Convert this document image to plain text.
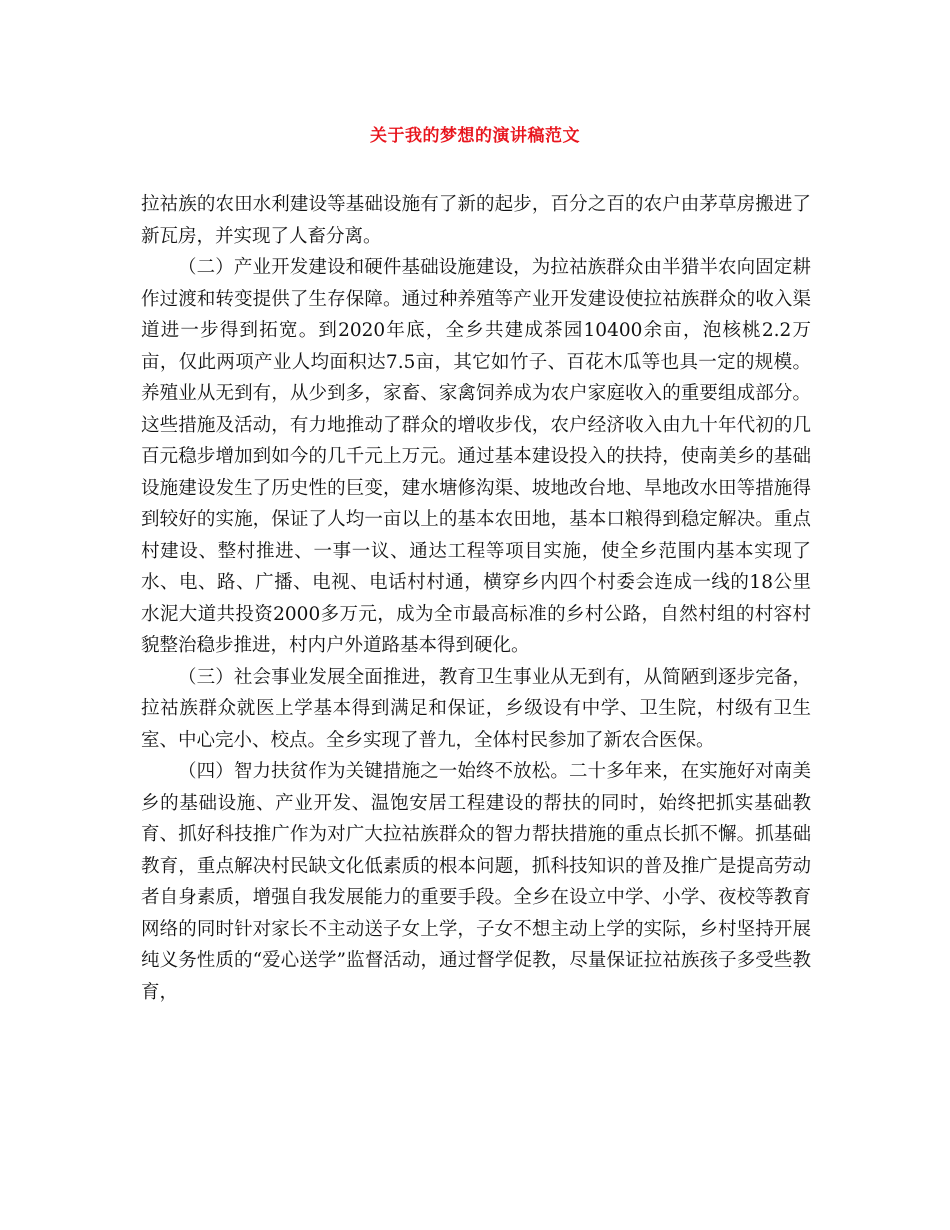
关于我的梦想的演讲稿范文

拉祜族的农田水利建设等基础设施有了新的起步，百分之百的农户由茅草房搬进了新瓦房，并实现了人畜分离。

（二）产业开发建设和硬件基础设施建设，为拉祜族群众由半猎半农向固定耕作过渡和转变提供了生存保障。通过种养殖等产业开发建设使拉祜族群众的收入渠道进一步得到拓宽。到2020年底，全乡共建成茶园10400余亩，泡核桃2.2万亩，仅此两项产业人均面积达7.5亩，其它如竹子、百花木瓜等也具一定的规模。养殖业从无到有，从少到多，家畜、家禽饲养成为农户家庭收入的重要组成部分。这些措施及活动，有力地推动了群众的增收步伐，农户经济收入由九十年代初的几百元稳步增加到如今的几千元上万元。通过基本建设投入的扶持，使南美乡的基础设施建设发生了历史性的巨变，建水塘修沟渠、坡地改台地、旱地改水田等措施得到较好的实施，保证了人均一亩以上的基本农田地，基本口粮得到稳定解决。重点村建设、整村推进、一事一议、通达工程等项目实施，使全乡范围内基本实现了水、电、路、广播、电视、电话村村通，横穿乡内四个村委会连成一线的18公里水泥大道共投资2000多万元，成为全市最高标准的乡村公路，自然村组的村容村貌整治稳步推进，村内户外道路基本得到硬化。

（三）社会事业发展全面推进，教育卫生事业从无到有，从简陋到逐步完备，拉祜族群众就医上学基本得到满足和保证，乡级设有中学、卫生院，村级有卫生室、中心完小、校点。全乡实现了普九，全体村民参加了新农合医保。

（四）智力扶贫作为关键措施之一始终不放松。二十多年来，在实施好对南美乡的基础设施、产业开发、温饱安居工程建设的帮扶的同时，始终把抓实基础教育、抓好科技推广作为对广大拉祜族群众的智力帮扶措施的重点长抓不懈。抓基础教育，重点解决村民缺文化低素质的根本问题，抓科技知识的普及推广是提高劳动者自身素质，增强自我发展能力的重要手段。全乡在设立中学、小学、夜校等教育网络的同时针对家长不主动送子女上学，子女不想主动上学的实际，乡村坚持开展纯义务性质的“爱心送学”监督活动，通过督学促教，尽量保证拉祜族孩子多受些教育，
